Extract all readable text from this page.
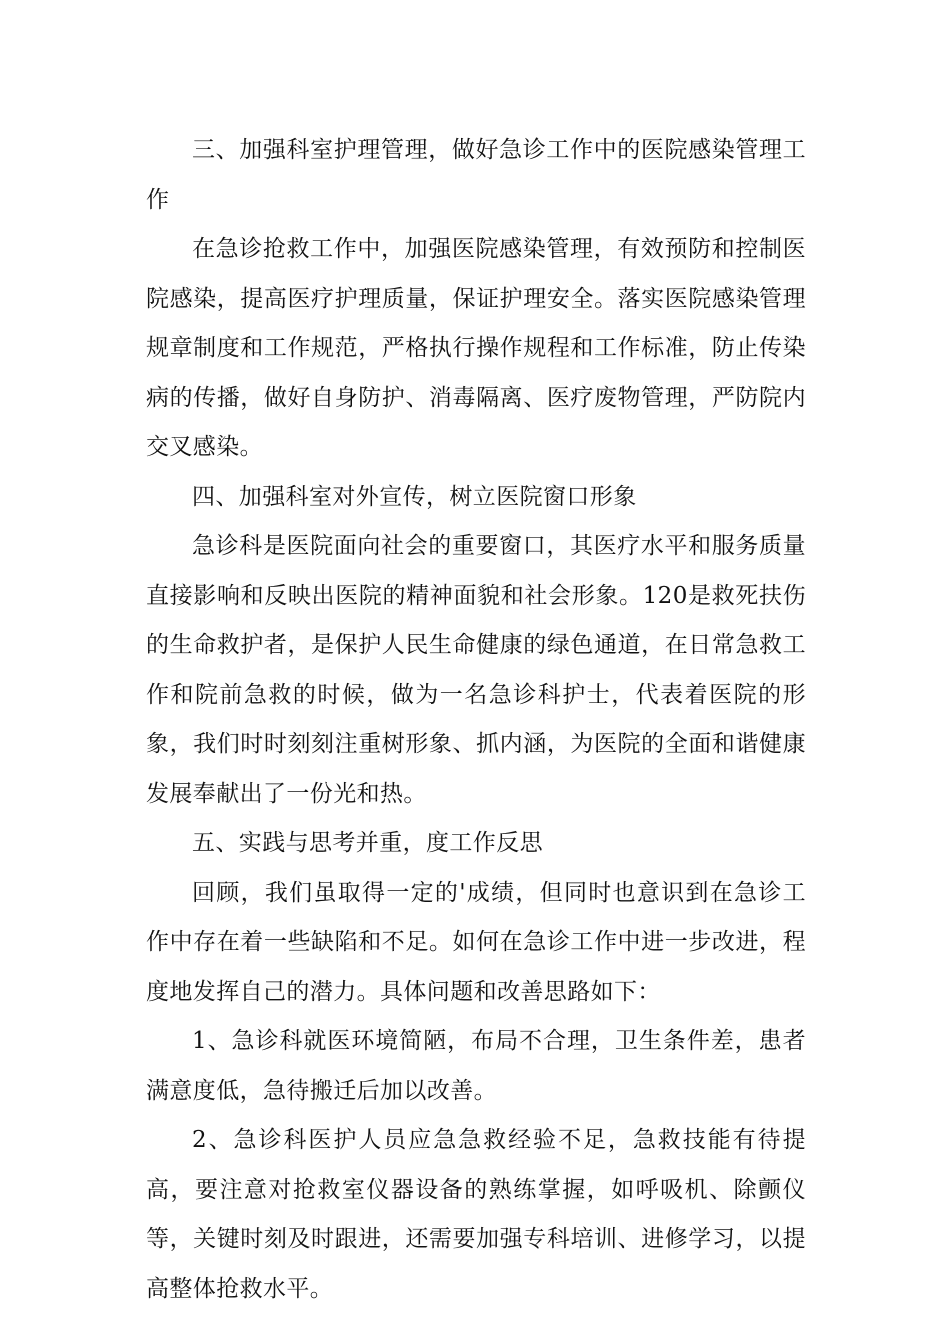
三、加强科室护理管理，做好急诊工作中的医院感染管理工作

在急诊抢救工作中，加强医院感染管理，有效预防和控制医院感染，提高医疗护理质量，保证护理安全。落实医院感染管理规章制度和工作规范，严格执行操作规程和工作标准，防止传染病的传播，做好自身防护、消毒隔离、医疗废物管理，严防院内交叉感染。

四、加强科室对外宣传，树立医院窗口形象

急诊科是医院面向社会的重要窗口，其医疗水平和服务质量直接影响和反映出医院的精神面貌和社会形象。120是救死扶伤的生命救护者，是保护人民生命健康的绿色通道，在日常急救工作和院前急救的时候，做为一名急诊科护士，代表着医院的形象，我们时时刻刻注重树形象、抓内涵，为医院的全面和谐健康发展奉献出了一份光和热。

五、实践与思考并重，度工作反思

回顾，我们虽取得一定的'成绩，但同时也意识到在急诊工作中存在着一些缺陷和不足。如何在急诊工作中进一步改进，程度地发挥自己的潜力。具体问题和改善思路如下：

1、急诊科就医环境简陋，布局不合理，卫生条件差，患者满意度低，急待搬迁后加以改善。

2、急诊科医护人员应急急救经验不足，急救技能有待提高，要注意对抢救室仪器设备的熟练掌握，如呼吸机、除颤仪等，关键时刻及时跟进，还需要加强专科培训、进修学习，以提高整体抢救水平。
